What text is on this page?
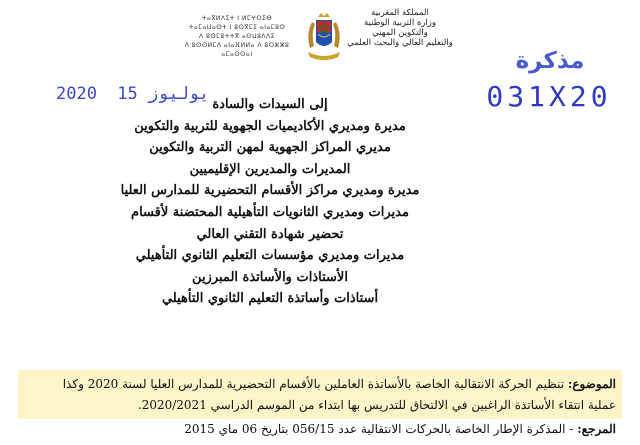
ⵜⴰⴳⵍⴷⵉⵜ ⵏ ⵍⵎⵖⵔⵉⴱ
ⵜⴰⵎⴰⵡⴰⵙⵜ ⵏ ⵓⵙⴳⵎⵉ ⴰⵏⴰⵎⵓⵔ
ⴷ ⵓⵙⵎⵓⵜⵜⴳ ⴰⵙⵡⵓⴷⴷⵉ
ⴷ ⵓⵙⵙⵍⵎⴷ ⴰⵏⴰⴼⵍⵍⴰ ⴷ ⵓⵔⵣⵣⵓ ⴰⵎⴰⵙⵙⴰⵏ
المملكة المغربية
وزارة التربية الوطنية
والتكوين المهني
والتعليم العالي والبحث العلمي
مذكرة
031X20
2020	يوليوز 15
إلى السيدات والسادة
مديرة ومديري الأكاديميات الجهوية للتربية والتكوين
مديري المراكز الجهوية لمهن التربية والتكوين
المديرات والمديرين الإقليميين
مديرة ومديري مراكز الأقسام التحضيرية للمدارس العليا
مديرات ومديري الثانويات التأهيلية المحتضنة لأقسام
تحضير شهادة التقني العالي
مديرات ومديري مؤسسات التعليم الثانوي التأهيلي
الأستاذات والأساتذة المبرزين
أستاذات وأساتذة التعليم الثانوي التأهيلي
الموضوع: تنظيم الحركة الانتقالية الخاصة بالأساتذة العاملين بالأقسام التحضيرية للمدارس العليا لسنة 2020 وكذا
عملية انتقاء الأساتذة الراغبين في الالتحاق للتدريس بها ابتداء من الموسم الدراسي 2020/2021.
المرجع: - المذكرة الإطار الخاصة بالحركات الانتقالية عدد 056/15 بتاريخ 06 ماي 2015
